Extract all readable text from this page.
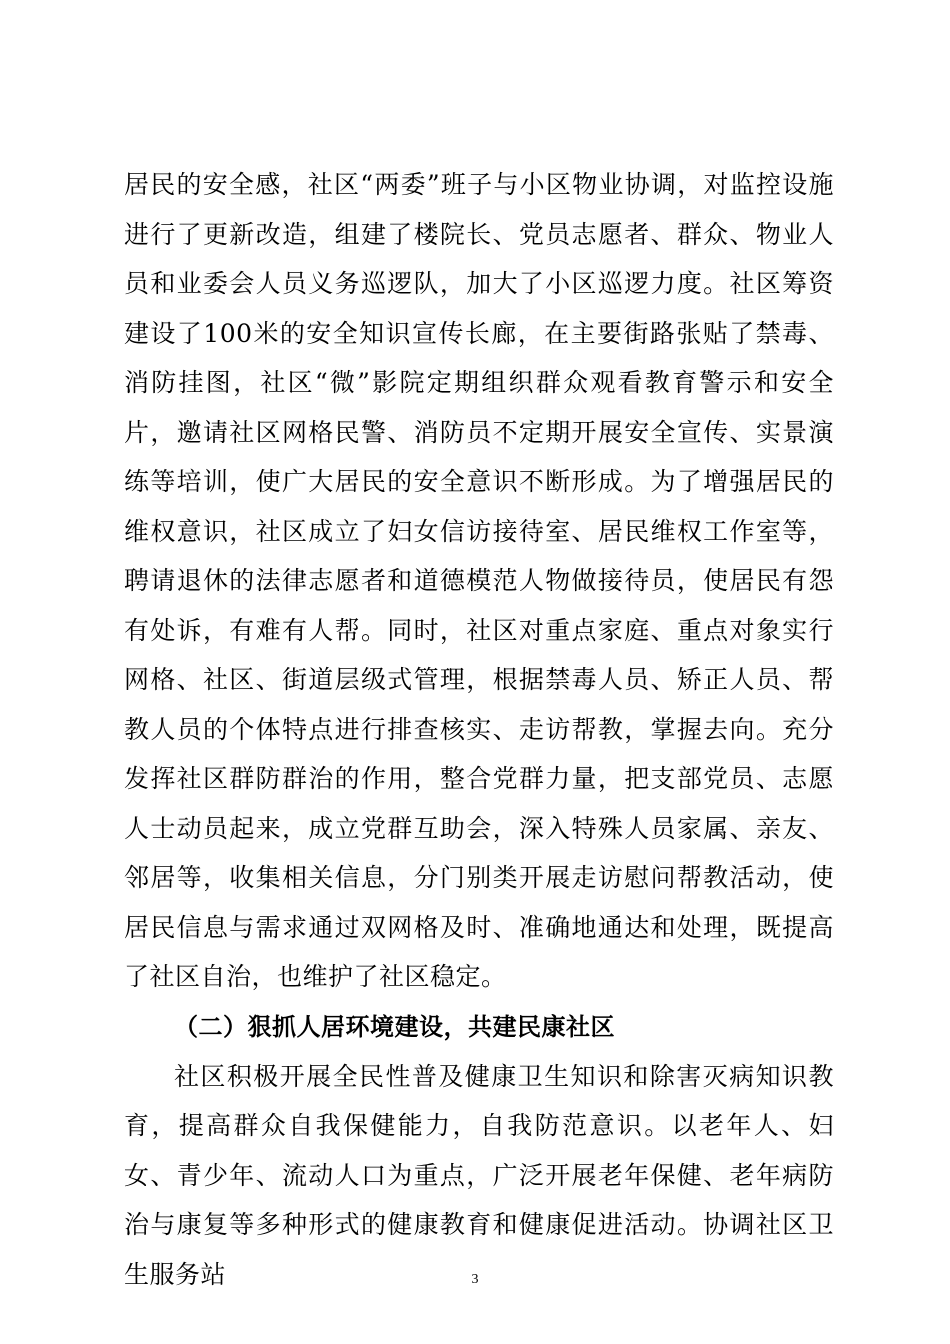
居民的安全感，社区“两委”班子与小区物业协调，对监控设施进行了更新改造，组建了楼院长、党员志愿者、群众、物业人员和业委会人员义务巡逻队，加大了小区巡逻力度。社区筹资建设了100米的安全知识宣传长廊，在主要街路张贴了禁毒、消防挂图，社区“微”影院定期组织群众观看教育警示和安全片，邀请社区网格民警、消防员不定期开展安全宣传、实景演练等培训，使广大居民的安全意识不断形成。为了增强居民的维权意识，社区成立了妇女信访接待室、居民维权工作室等，聘请退休的法律志愿者和道德模范人物做接待员，使居民有怨有处诉，有难有人帮。同时，社区对重点家庭、重点对象实行网格、社区、街道层级式管理，根据禁毒人员、矫正人员、帮教人员的个体特点进行排查核实、走访帮教，掌握去向。充分发挥社区群防群治的作用，整合党群力量，把支部党员、志愿人士动员起来，成立党群互助会，深入特殊人员家属、亲友、邻居等，收集相关信息，分门别类开展走访慰问帮教活动，使居民信息与需求通过双网格及时、准确地通达和处理，既提高了社区自治，也维护了社区稳定。

（二）狠抓人居环境建设，共建民康社区

社区积极开展全民性普及健康卫生知识和除害灭病知识教育，提高群众自我保健能力，自我防范意识。以老年人、妇女、青少年、流动人口为重点，广泛开展老年保健、老年病防治与康复等多种形式的健康教育和健康促进活动。协调社区卫生服务站	3
